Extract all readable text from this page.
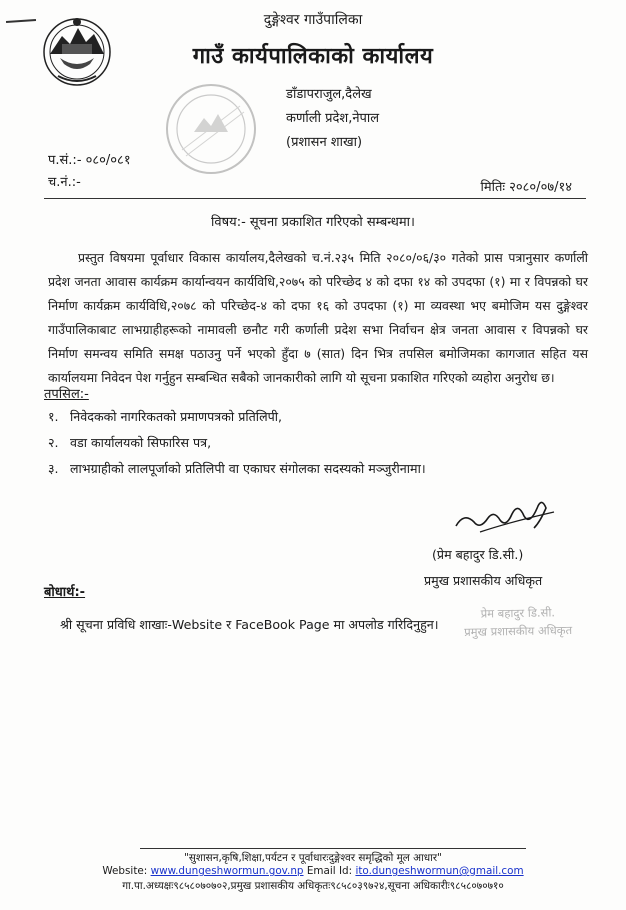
दुङ्गेश्वर गाउँपालिका
गाउँ कार्यपालिकाको कार्यालय
डाँडापराजुल,दैलेख
कर्णाली प्रदेश,नेपाल
(प्रशासन शाखा)
प.सं.:- ०८०/०८१
च.नं.:-	मितिः २०८०/०७/१४
विषय:- सूचना प्रकाशित गरिएको सम्बन्धमा।

प्रस्तुत विषयमा पूर्वाधार विकास कार्यालय,दैलेखको च.नं.२३५ मिति २०८०/०६/३० गतेको प्रास पत्रानुसार कर्णाली प्रदेश जनता आवास कार्यक्रम कार्यान्वयन कार्यविधि,२०७५ को परिच्छेद ४ को दफा १४ को उपदफा (१) मा र विपन्नको घर निर्माण कार्यक्रम कार्यविधि,२०७८ को परिच्छेद-४ को दफा १६ को उपदफा (१) मा व्यवस्था भए बमोजिम यस दुङ्गेश्वर गाउँपालिकाबाट लाभग्राहीहरूको नामावली छनौट गरी कर्णाली प्रदेश सभा निर्वाचन क्षेत्र जनता आवास र विपन्नको घर निर्माण समन्वय समिति समक्ष पठाउनु पर्ने भएको हुँदा ७ (सात) दिन भित्र तपसिल बमोजिमका कागजात सहित यस कार्यालयमा निवेदन पेश गर्नुहुन सम्बन्धित सबैको जानकारीको लागि यो सूचना प्रकाशित गरिएको व्यहोरा अनुरोध छ।

तपसिल:-
१. निवेदकको नागरिकतको प्रमाणपत्रको प्रतिलिपी,
२. वडा कार्यालयको सिफारिस पत्र,
३. लाभग्राहीको लालपूर्जाको प्रतिलिपी वा एकाघर संगोलका सदस्यको मञ्जुरीनामा।
(प्रेम बहादुर डि.सी.)
प्रमुख प्रशासकीय अधिकृत
बोधार्थ:-
श्री सूचना प्रविधि शाखाः-Website र FaceBook Page मा अपलोड गरिदिनुहुन।
प्रेम बहादुर डि.सी.
प्रमुख प्रशासकीय अधिकृत
"सुशासन,कृषि,शिक्षा,पर्यटन र पूर्वाधारःदुङ्गेश्वर समृद्धिको मूल आधार"
Website: www.dungeshwormun.gov.np Email Id: ito.dungeshwormun@gmail.com
गा.पा.अध्यक्षः९८५८०७०७०२,प्रमुख प्रशासकीय अधिकृतः९८५८०३९७२४,सूचना अधिकारीः९८५८०७०७१०
